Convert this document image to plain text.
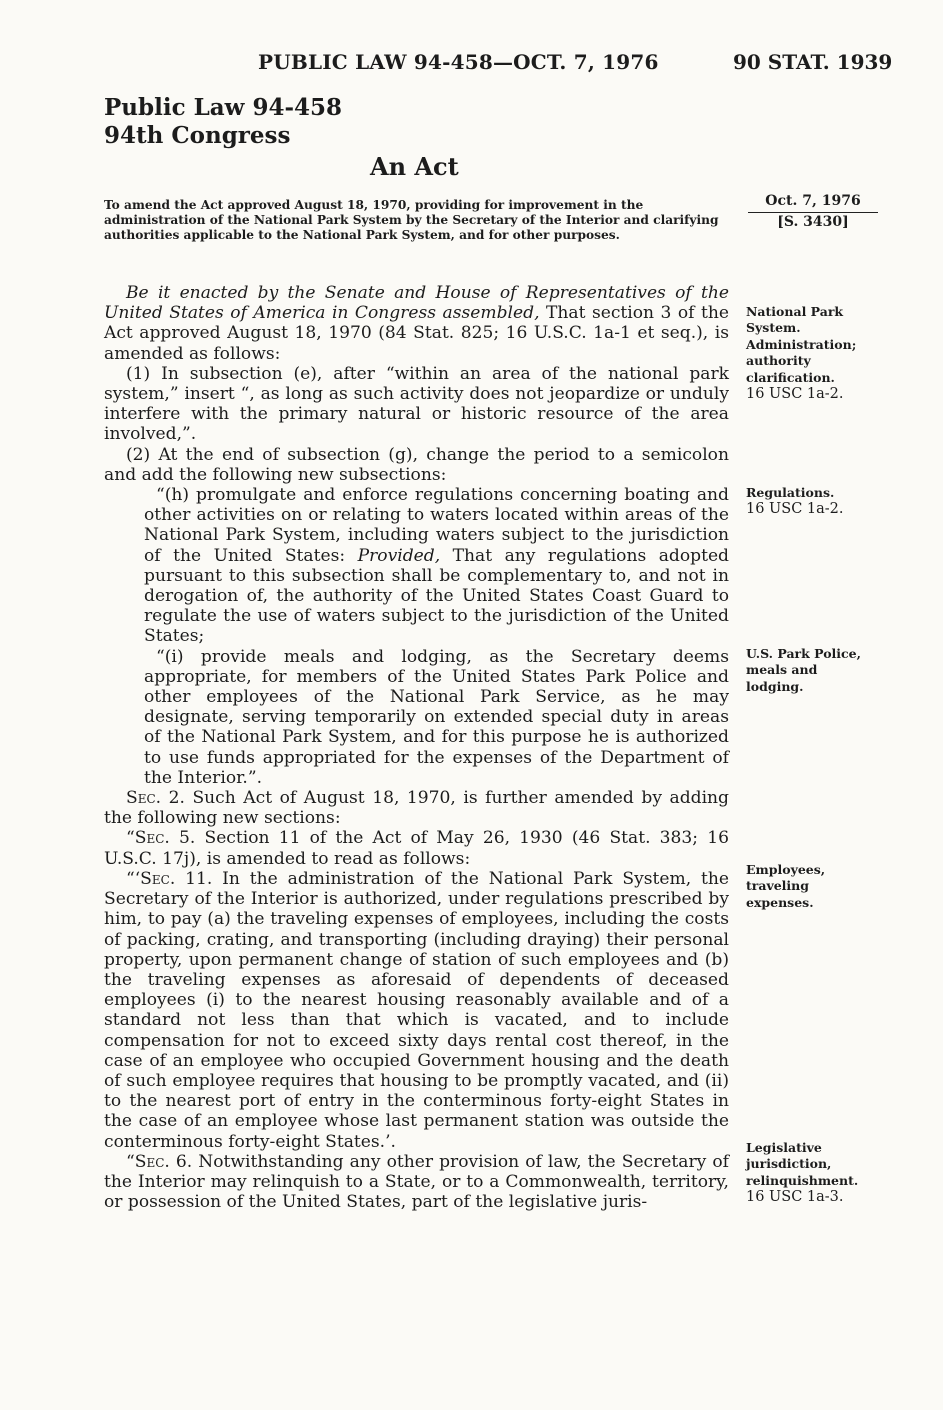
PUBLIC LAW 94-458—OCT. 7, 1976	90 STAT. 1939
Public Law 94-458
94th Congress
An Act
To amend the Act approved August 18, 1970, providing for improvement in the administration of the National Park System by the Secretary of the Interior and clarifying authorities applicable to the National Park System, and for other purposes.
Oct. 7, 1976
[S. 3430]

Be it enacted by the Senate and House of Representatives of the United States of America in Congress assembled, That section 3 of the Act approved August 18, 1970 (84 Stat. 825; 16 U.S.C. 1a-1 et seq.), is amended as follows:

(1) In subsection (e), after “within an area of the national park system,” insert “, as long as such activity does not jeopardize or unduly interfere with the primary natural or historic resource of the area involved,”.

(2) At the end of subsection (g), change the period to a semicolon and add the following new subsections:

“(h) promulgate and enforce regulations concerning boating and other activities on or relating to waters located within areas of the National Park System, including waters subject to the jurisdiction of the United States: Provided, That any regulations adopted pursuant to this subsection shall be complementary to, and not in derogation of, the authority of the United States Coast Guard to regulate the use of waters subject to the jurisdiction of the United States;

“(i) provide meals and lodging, as the Secretary deems appropriate, for members of the United States Park Police and other employees of the National Park Service, as he may designate, serving temporarily on extended special duty in areas of the National Park System, and for this purpose he is authorized to use funds appropriated for the expenses of the Department of the Interior.”.

Sec. 2. Such Act of August 18, 1970, is further amended by adding the following new sections:

“Sec. 5. Section 11 of the Act of May 26, 1930 (46 Stat. 383; 16 U.S.C. 17j), is amended to read as follows:

“‘Sec. 11. In the administration of the National Park System, the Secretary of the Interior is authorized, under regulations prescribed by him, to pay (a) the traveling expenses of employees, including the costs of packing, crating, and transporting (including draying) their personal property, upon permanent change of station of such employees and (b) the traveling expenses as aforesaid of dependents of deceased employees (i) to the nearest housing reasonably available and of a standard not less than that which is vacated, and to include compensation for not to exceed sixty days rental cost thereof, in the case of an employee who occupied Government housing and the death of such employee requires that housing to be promptly vacated, and (ii) to the nearest port of entry in the conterminous forty-eight States in the case of an employee whose last permanent station was outside the conterminous forty-eight States.’.

“Sec. 6. Notwithstanding any other provision of law, the Secretary of the Interior may relinquish to a State, or to a Commonwealth, territory, or possession of the United States, part of the legislative juris-

National Park System. Administration; authority clarification.
16 USC 1a-2.
Regulations.
16 USC 1a-2.
U.S. Park Police, meals and lodging.
Employees, traveling expenses.
Legislative jurisdiction, relinquishment.
16 USC 1a-3.
